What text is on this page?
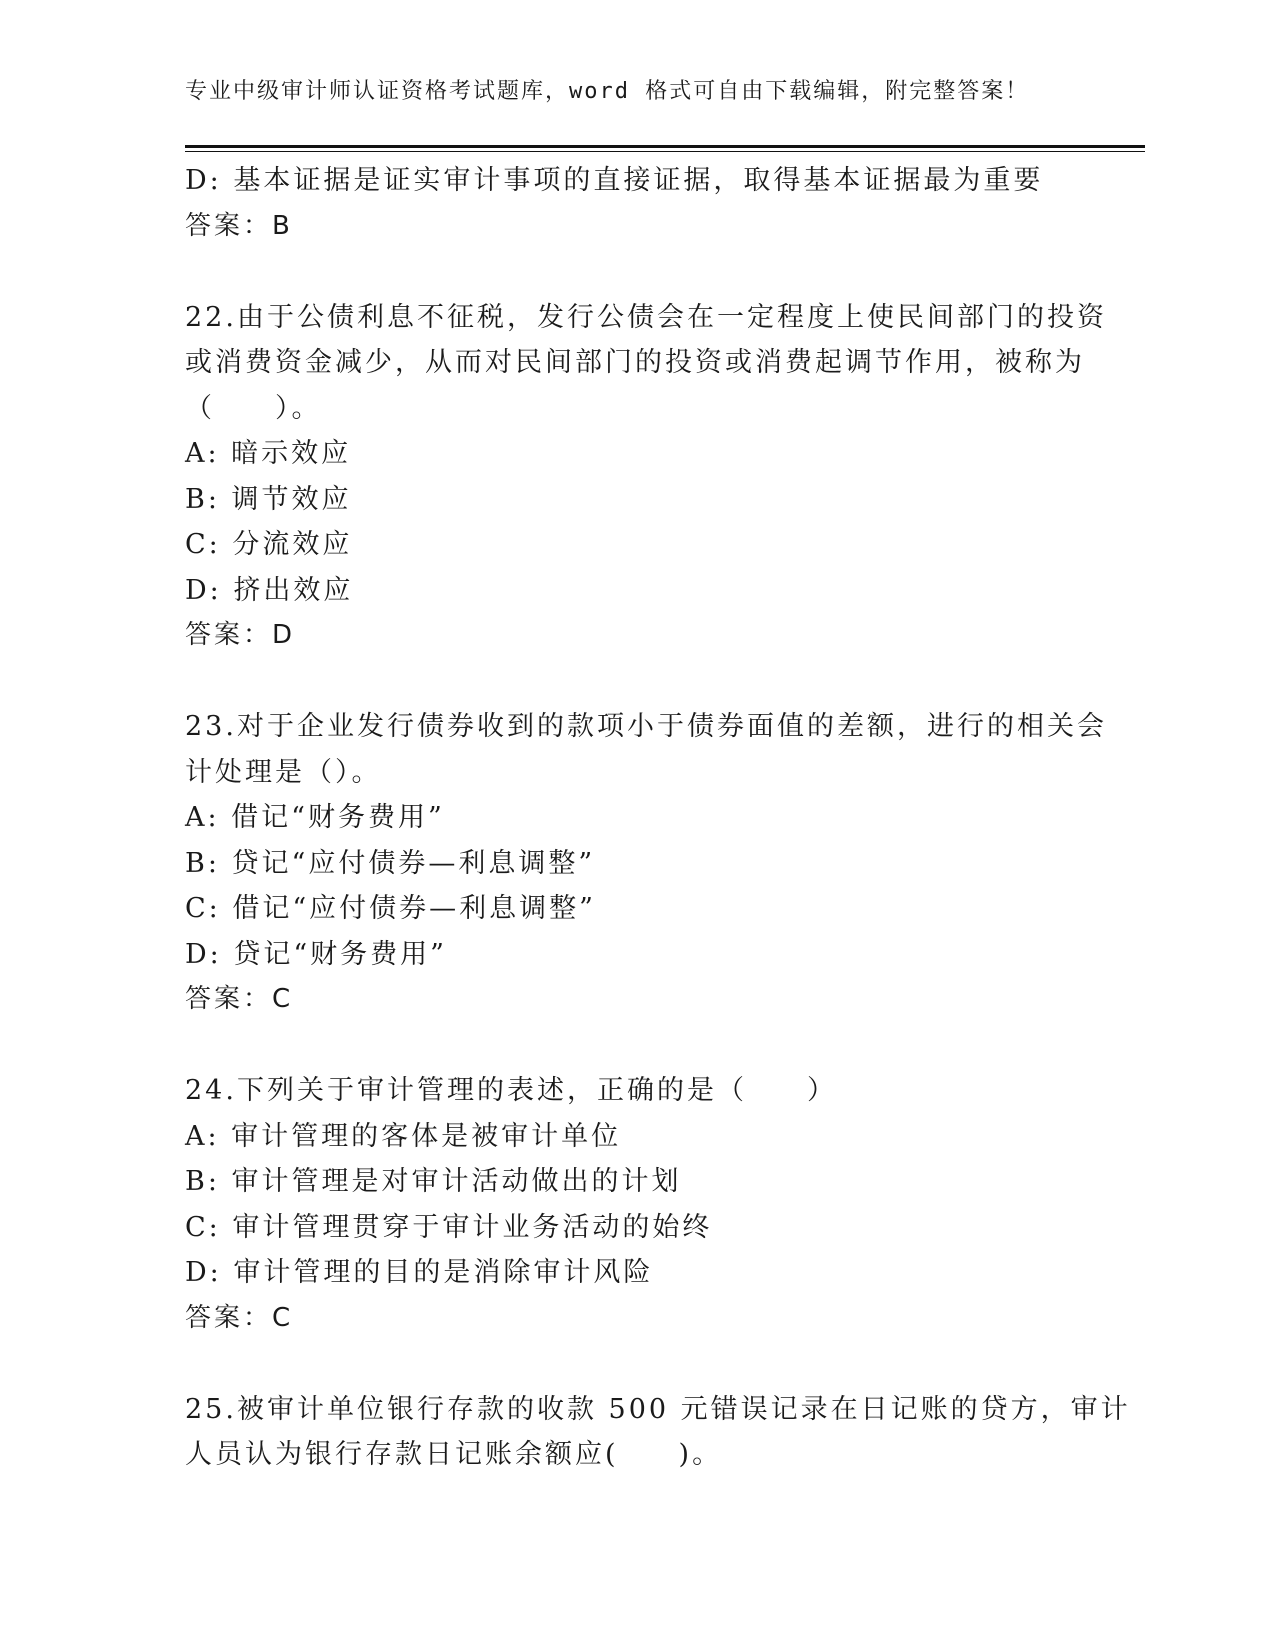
专业中级审计师认证资格考试题库，word 格式可自由下载编辑，附完整答案！
D: 基本证据是证实审计事项的直接证据，取得基本证据最为重要
答案：B
22.由于公债利息不征税，发行公债会在一定程度上使民间部门的投资
或消费资金减少，从而对民间部门的投资或消费起调节作用，被称为
（　　）。
A: 暗示效应
B: 调节效应
C: 分流效应
D: 挤出效应
答案：D
23.对于企业发行债券收到的款项小于债券面值的差额，进行的相关会
计处理是（）。
A: 借记“财务费用”
B: 贷记“应付债券—利息调整”
C: 借记“应付债券—利息调整”
D: 贷记“财务费用”
答案：C
24.下列关于审计管理的表述，正确的是（　　）
A: 审计管理的客体是被审计单位
B: 审计管理是对审计活动做出的计划
C: 审计管理贯穿于审计业务活动的始终
D: 审计管理的目的是消除审计风险
答案：C
25.被审计单位银行存款的收款 500 元错误记录在日记账的贷方，审计
人员认为银行存款日记账余额应(　　)。
